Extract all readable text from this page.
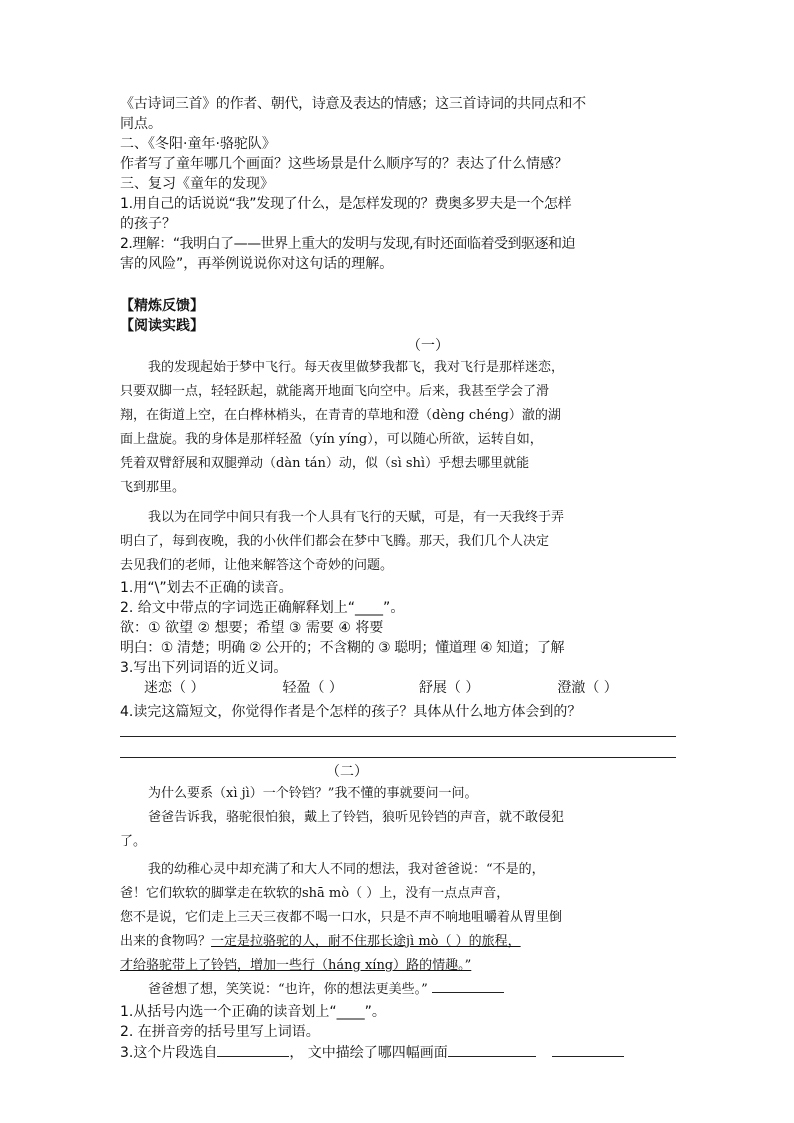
《古诗词三首》的作者、朝代，诗意及表达的情感；这三首诗词的共同点和不
同点。
二、《冬阳·童年·骆驼队》
作者写了童年哪几个画面？这些场景是什么顺序写的？表达了什么情感？
三、复习《童年的发现》
1.用自己的话说说“我”发现了什么，是怎样发现的？费奥多罗夫是一个怎样
的孩子？
2.理解：“我明白了——世界上重大的发明与发现,有时还面临着受到驱逐和迫
害的风险”，再举例说说你对这句话的理解。
【精炼反馈】
【阅读实践】
（一）
我的发现起始于梦中飞行。每天夜里做梦我都飞，我对飞行是那样迷恋，
只要双脚一点，轻轻跃起，就能离开地面飞向空中。后来，我甚至学会了滑
翔，在街道上空，在白桦林梢头，在青青的草地和澄（dèng chéng）澈的湖
面上盘旋。我的身体是那样轻盈（yín yíng），可以随心所欲，运转自如，
凭着双臂舒展和双腿弹动（dàn tán）动，似（sì shì）乎想去哪里就能
飞到那里。
我以为在同学中间只有我一个人具有飞行的天赋，可是，有一天我终于弄
明白了，每到夜晚，我的小伙伴们都会在梦中飞腾。那天，我们几个人决定
去见我们的老师，让他来解答这个奇妙的问题。
1.用“\”划去不正确的读音。
2. 给文中带点的字词选正确解释划上“____”。
欲：① 欲望 ② 想要；希望 ③ 需要 ④ 将要
明白：① 清楚；明确 ② 公开的；不含糊的 ③ 聪明；懂道理 ④ 知道；了解
3.写出下列词语的近义词。
迷恋（ ）	轻盈（ ）	舒展（ ）	澄澈（ ）
4.读完这篇短文，你觉得作者是个怎样的孩子？具体从什么地方体会到的？
（二）
为什么要系（xì jì）一个铃铛？”我不懂的事就要问一问。
爸爸告诉我，骆驼很怕狼，戴上了铃铛，狼听见铃铛的声音，就不敢侵犯
了。
我的幼稚心灵中却充满了和大人不同的想法，我对爸爸说：“不是的，
爸！它们软软的脚掌走在软软的shā mò（ ）上，没有一点点声音，
您不是说，它们走上三天三夜都不喝一口水，只是不声不响地咀嚼着从胃里倒
出来的食物吗？一定是拉骆驼的人，耐不住那长途jì mò（ ）的旅程，
才给骆驼带上了铃铛，增加一些行（háng xíng）路的情趣。”
爸爸想了想，笑笑说：“也许，你的想法更美些。”
1.从括号内选一个正确的读音划上“____”。
2. 在拼音旁的括号里写上词语。
3.这个片段选自	， 文中描绘了哪四幅画面
